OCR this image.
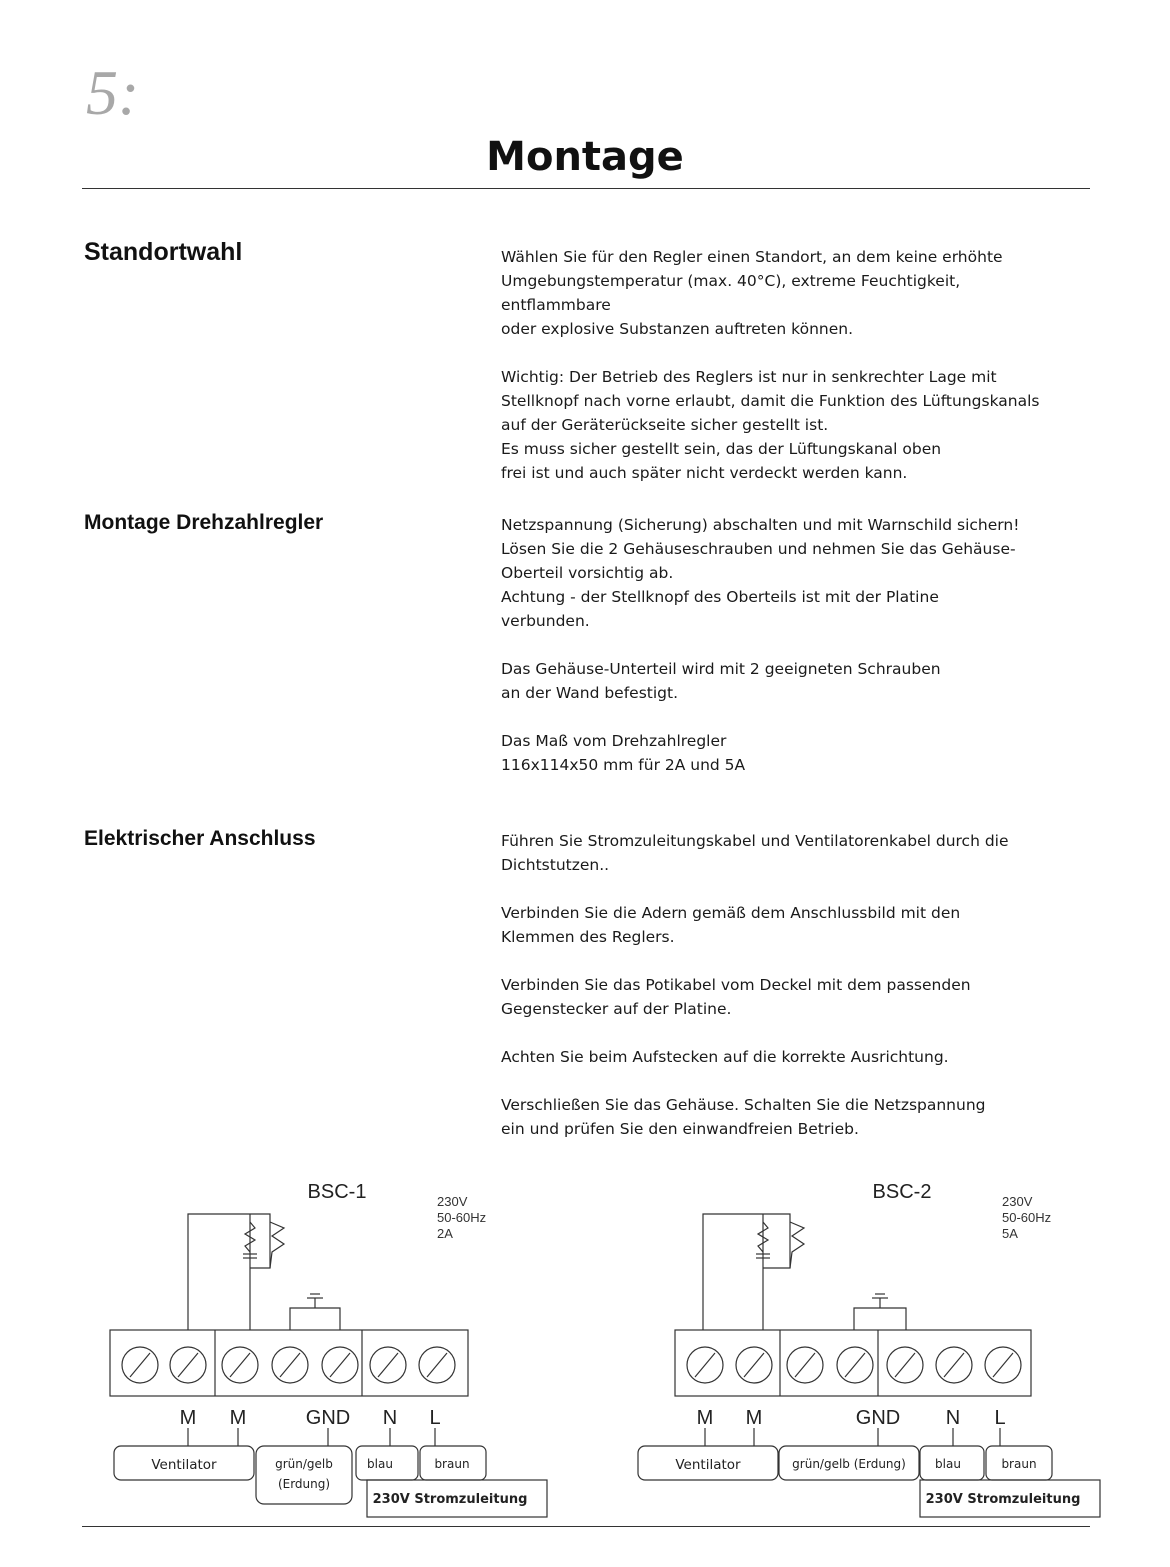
5:
Montage
Standortwahl	Wählen Sie für den Regler einen Standort, an dem keine erhöhte
Umgebungstemperatur (max. 40°C), extreme Feuchtigkeit,
entflammbare
oder explosive Substanzen auftreten können.

Wichtig: Der Betrieb des Reglers ist nur in senkrechter Lage mit
Stellknopf nach vorne erlaubt, damit die Funktion des Lüftungskanals
auf der Geräterückseite sicher gestellt ist.
Es muss sicher gestellt sein, das der Lüftungskanal oben
frei ist und auch später nicht verdeckt werden kann.

Montage Drehzahlregler	Netzspannung (Sicherung) abschalten und mit Warnschild sichern!
Lösen Sie die 2 Gehäuseschrauben und nehmen Sie das Gehäuse-
Oberteil vorsichtig ab.
Achtung - der Stellknopf des Oberteils ist mit der Platine
verbunden.

Das Gehäuse-Unterteil wird mit 2 geeigneten Schrauben
an der Wand befestigt.

Das Maß vom Drehzahlregler
116x114x50 mm für 2A und 5A

Elektrischer Anschluss	Führen Sie Stromzuleitungskabel und Ventilatorenkabel durch die
Dichtstutzen..

Verbinden Sie die Adern gemäß dem Anschlussbild mit den
Klemmen des Reglers.

Verbinden Sie das Potikabel vom Deckel mit dem passenden
Gegenstecker auf der Platine.

Achten Sie beim Aufstecken auf die korrekte Ausrichtung.

Verschließen Sie das Gehäuse. Schalten Sie die Netzspannung
ein und prüfen Sie den einwandfreien Betrieb.

BSC-1	230V
50-60Hz
2A
M M	GND N L
Ventilator	grün/gelb
(Erdung)
blau	braun
230V Stromzuleitung
BSC-2	230V
50-60Hz
5A
M M	GND N L
Ventilator	grün/gelb (Erdung) blau	braun
230V Stromzuleitung
